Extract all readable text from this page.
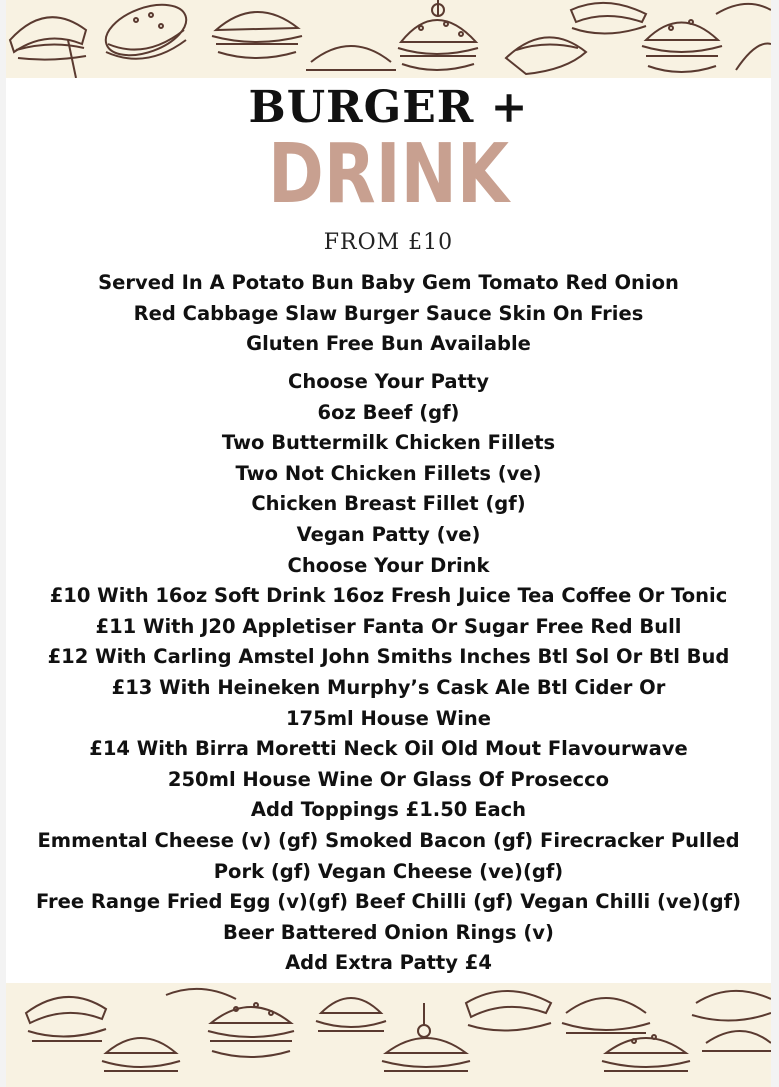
BURGER +
DRINK
FROM £10
Served In A Potato Bun Baby Gem Tomato Red Onion
Red Cabbage Slaw Burger Sauce Skin On Fries
Gluten Free Bun Available
Choose Your Patty
6oz Beef (gf)
Two Buttermilk Chicken Fillets
Two Not Chicken Fillets (ve)
Chicken Breast Fillet (gf)
Vegan Patty (ve)
Choose Your Drink
£10 With 16oz Soft Drink 16oz Fresh Juice Tea Coffee Or Tonic
£11 With J20 Appletiser Fanta Or Sugar Free Red Bull
£12 With Carling Amstel John Smiths Inches Btl Sol Or Btl Bud
£13 With Heineken Murphy’s Cask Ale Btl Cider Or
175ml House Wine
£14 With Birra Moretti Neck Oil Old Mout Flavourwave
250ml House Wine Or Glass Of Prosecco
Add Toppings £1.50 Each
Emmental Cheese (v) (gf) Smoked Bacon (gf) Firecracker Pulled
Pork (gf) Vegan Cheese (ve)(gf)
Free Range Fried Egg (v)(gf) Beef Chilli (gf) Vegan Chilli (ve)(gf)
Beer Battered Onion Rings (v)
Add Extra Patty £4
